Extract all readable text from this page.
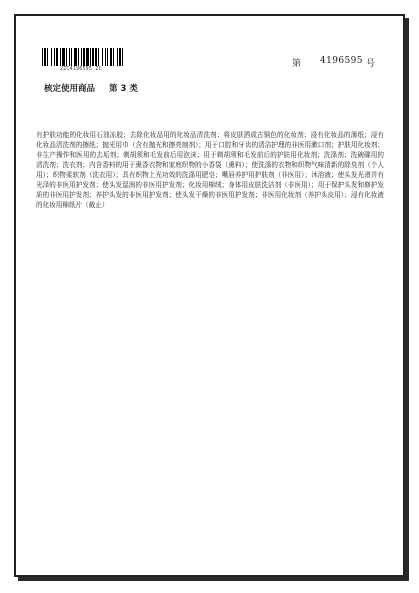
2ZC4196595 ZC	第 4196595 号
核定使用商品 第 3 类
有护肤功能的化妆用石油冻胶；去除化妆品用的化妆品清洗剂；将皮肤洒成古铜色的化妆剂；浸有化妆品的薄纸；浸有化妆品清洗剂的擦纸；抛光用巾（含有抛光和擦亮制剂）；用于口腔和牙齿的清洁护理的非医用漱口剂；护肤用化妆剂；非生产操作和医用的去垢剂；剃胡须和毛发前后用泡沫；用于剃胡须和毛发前后的护肤用化妆剂；洗涤剂；洗碗碟用的清洗剂；洗衣剂；内含香料的用于熏香衣物和家庭织物的小香袋（熏料）；使洗涤的衣物和织物气味清新的除臭剂（个人用）；织物柔软剂（洗衣用）；具有织物上光功效的洗涤用肥皂；嘴唇养护用护肤剂（非医用）；沐浴液；使头发光滑并有光泽的非医用护发剂；使头发湿润的非医用护发剂；化妆用棉绒；身体用皮肤洗洁剂（非医用）；用于保护头发和修护发质的非医用护发剂；养护头发的非医用护发剂；使头发干燥的非医用护发剂；非医用化妆剂（养护头皮用）；浸有化妆液的化妆用棉纸片（截止）
